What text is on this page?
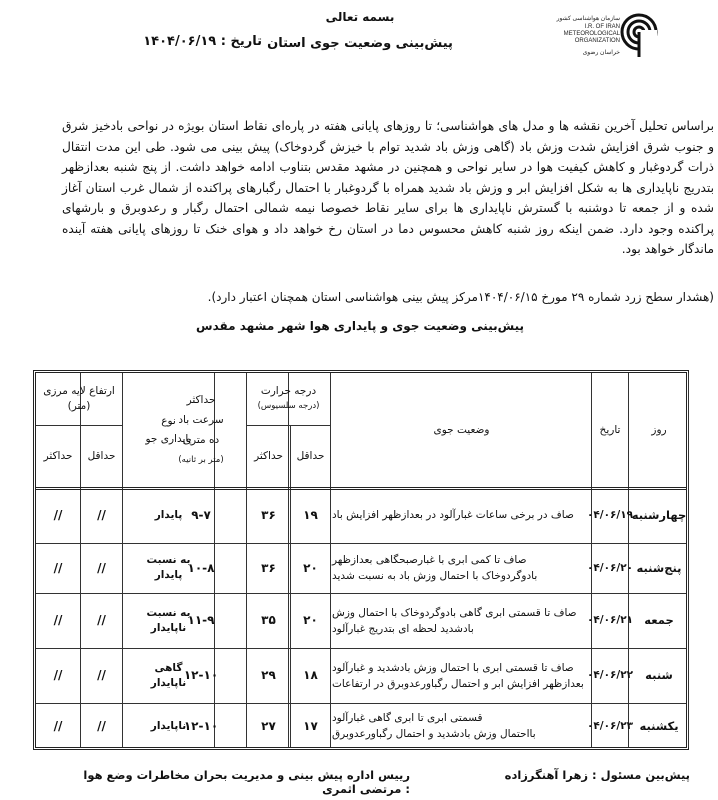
بسمه تعالی
پیش‌بینی وضعیت جوی استان
تاریخ : ۱۴۰۴/۰۶/۱۹
سازمان هواشناسی کشور
I.R. OF IRAN
METEOROLOGICAL
ORGANIZATION
خراسان رضوی
براساس تحلیل آخرین نقشه ها و مدل های هواشناسی؛ تا روزهای پایانی هفته در پاره‌ای نقاط استان بویژه در نواحی بادخیز شرق و جنوب شرق افزایش شدت وزش باد (گاهی وزش باد شدید توام با خیزش گردوخاک) پیش بینی می شود. طی این مدت انتقال ذرات گردوغبار و کاهش کیفیت هوا در سایر نواحی و همچنین در مشهد مقدس بتناوب ادامه خواهد داشت. از پنج شنبه بعدازظهر بتدریج ناپایداری ها به شکل افزایش ابر و وزش باد شدید همراه با گردوغبار با احتمال رگبارهای پراکنده از شمال غرب استان آغاز شده و از جمعه تا دوشنبه با گسترش ناپایداری ها برای سایر نقاط خصوصا نیمه شمالی احتمال رگبار و رعدوبرق و بارشهای پراکنده وجود دارد. ضمن اینکه روز شنبه کاهش محسوس دما در استان رخ خواهد داد و هوای خنک تا روزهای پایانی هفته آینده ماندگار خواهد بود.
(هشدار سطح زرد شماره ۲۹ مورخ ۱۴۰۴/۰۶/۱۵مرکز پیش بینی هواشناسی استان همچنان اعتبار دارد).
پیش‌بینی وضعیت جوی و پایداری هوا شهر مشهد مقدس
روز
تاریخ
وضعیت جوی
درجه حرارت
(درجه سلسیوس)
حداقل
حداکثر
حداکثر
سرعت باد
ده متری
(متر بر ثانیه)
نوع
پایداری جو
ارتفاع لایه مرزی
(متر)
حداقل
حداکثر
چهارشنبه
۰۴/۰۶/۱۹
صاف در برخی ساعات غبارآلود در بعدازظهر افزایش باد
۱۹
۳۶
۹-۷
پایدار
//
//
پنج‌شنبه
۰۴/۰۶/۲۰
صاف تا کمی ابری با غبارصبحگاهی بعدازظهر
بادوگردوخاک با احتمال وزش باد به نسبت شدید
۲۰
۳۶
۱۰-۸
به نسبت
پایدار
//
//
جمعه
۰۴/۰۶/۲۱
صاف تا قسمتی ابری گاهی بادوگردوخاک با احتمال وزش
بادشدید لحظه ای بتدریج غبارآلود
۲۰
۳۵
۱۱-۹
به نسبت
ناپایدار
//
//
شنبه
۰۴/۰۶/۲۲
صاف تا قسمتی ابری با احتمال وزش بادشدید و غبارآلود
بعدازظهر افزایش ابر و احتمال رگباورعدوبرق در ارتفاعات
۱۸
۲۹
۱۲-۱۰
گاهی
ناپایدار
//
//
یکشنبه
۰۴/۰۶/۲۳
قسمتی ابری تا ابری گاهی غبارآلود
بااحتمال وزش بادشدید و احتمال رگباورعدوبرق
۱۷
۲۷
۱۲-۱۰
ناپایدار
//
//
پیش‌بین مسئول : زهرا آهنگرزاده
رییس اداره پیش بینی و مدیریت بحران مخاطرات وضع هوا : مرتضی اثمری
